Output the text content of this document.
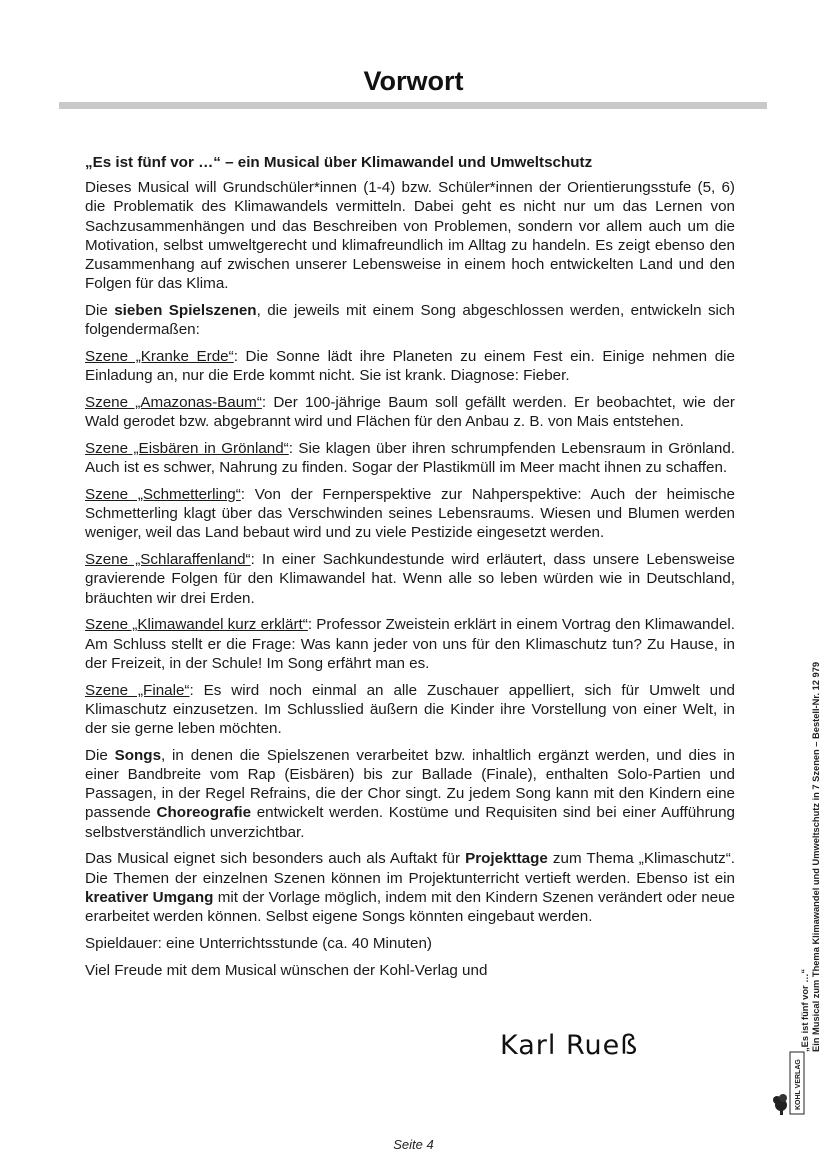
Vorwort

„Es ist fünf vor …“ – ein Musical über Klimawandel und Umweltschutz

Dieses Musical will Grundschüler*innen (1-4) bzw. Schüler*innen der Orientierungsstufe (5, 6) die Problematik des Klimawandels vermitteln. Dabei geht es nicht nur um das Lernen von Sachzusammenhängen und das Beschreiben von Problemen, sondern vor allem auch um die Motivation, selbst umweltgerecht und klimafreundlich im Alltag zu handeln. Es zeigt ebenso den Zusammenhang auf zwischen unserer Lebensweise in einem hoch entwickelten Land und den Folgen für das Klima.

Die sieben Spielszenen, die jeweils mit einem Song abgeschlossen werden, entwickeln sich folgendermaßen:

Szene „Kranke Erde“: Die Sonne lädt ihre Planeten zu einem Fest ein. Einige nehmen die Einladung an, nur die Erde kommt nicht. Sie ist krank. Diagnose: Fieber.

Szene „Amazonas-Baum“: Der 100-jährige Baum soll gefällt werden. Er beobachtet, wie der Wald gerodet bzw. abgebrannt wird und Flächen für den Anbau z. B. von Mais entstehen.

Szene „Eisbären in Grönland“: Sie klagen über ihren schrumpfenden Lebensraum in Grönland. Auch ist es schwer, Nahrung zu finden. Sogar der Plastikmüll im Meer macht ihnen zu schaffen.

Szene „Schmetterling“: Von der Fernperspektive zur Nahperspektive: Auch der heimische Schmetterling klagt über das Verschwinden seines Lebensraums. Wiesen und Blumen werden weniger, weil das Land bebaut wird und zu viele Pestizide eingesetzt werden.

Szene „Schlaraffenland“: In einer Sachkundestunde wird erläutert, dass unsere Lebensweise gravierende Folgen für den Klimawandel hat. Wenn alle so leben würden wie in Deutschland, bräuchten wir drei Erden.

Szene „Klimawandel kurz erklärt“: Professor Zweistein erklärt in einem Vortrag den Klimawandel. Am Schluss stellt er die Frage: Was kann jeder von uns für den Klimaschutz tun? Zu Hause, in der Freizeit, in der Schule! Im Song erfährt man es.

Szene „Finale“: Es wird noch einmal an alle Zuschauer appelliert, sich für Umwelt und Klimaschutz einzusetzen. Im Schlusslied äußern die Kinder ihre Vorstellung von einer Welt, in der sie gerne leben möchten.

Die Songs, in denen die Spielszenen verarbeitet bzw. inhaltlich ergänzt werden, und dies in einer Bandbreite vom Rap (Eisbären) bis zur Ballade (Finale), enthalten Solo-Partien und Passagen, in der Regel Refrains, die der Chor singt. Zu jedem Song kann mit den Kindern eine passende Choreografie entwickelt werden. Kostüme und Requisiten sind bei einer Aufführung selbstverständlich unverzichtbar.

Das Musical eignet sich besonders auch als Auftakt für Projekttage zum Thema „Klimaschutz“. Die Themen der einzelnen Szenen können im Projektunterricht vertieft werden. Ebenso ist ein kreativer Umgang mit der Vorlage möglich, indem mit den Kindern Szenen verändert oder neue erarbeitet werden können. Selbst eigene Songs könnten eingebaut werden.

Spieldauer: eine Unterrichtsstunde (ca. 40 Minuten)

Viel Freude mit dem Musical wünschen der Kohl-Verlag und

Karl Rueß	„Es ist fünf vor …“ Ein Musical zum Thema Klimawandel und Umweltschutz in 7 Szenen – Bestell-Nr. 12 979
KOHL VERLAG
Seite 4
